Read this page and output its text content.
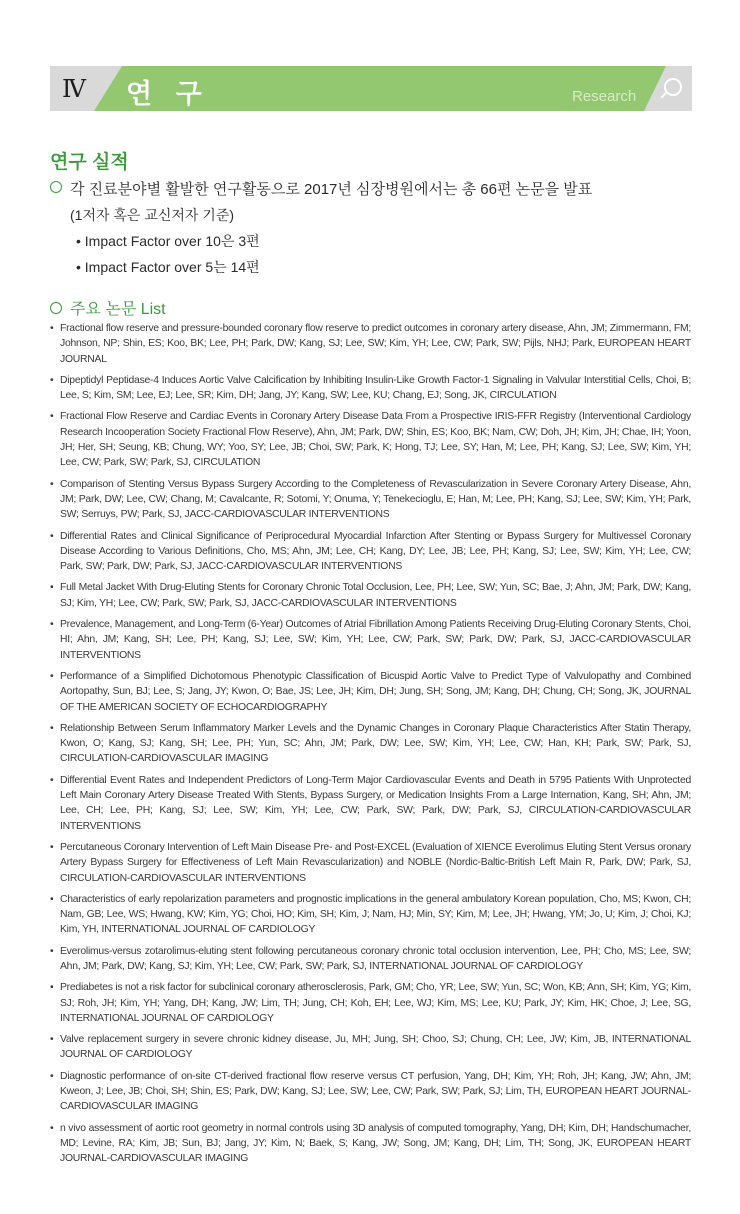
Ⅳ 연 구	Research
연구 실적

각 진료분야별 활발한 연구활동으로 2017년 심장병원에서는 총 66편 논문을 발표

(1저자 혹은 교신저자 기준)

• Impact Factor over 10은 3편

• Impact Factor over 5는 14편

주요 논문 List
• Fractional flow reserve and pressure-bounded coronary flow reserve to predict outcomes in coronary artery disease, Ahn, JM; Zimmermann, FM; Johnson, NP; Shin, ES; Koo, BK; Lee, PH; Park, DW; Kang, SJ; Lee, SW; Kim, YH; Lee, CW; Park, SW; Pijls, NHJ; Park, EUROPEAN HEART JOURNAL
• Dipeptidyl Peptidase-4 Induces Aortic Valve Calcification by Inhibiting Insulin-Like Growth Factor-1 Signaling in Valvular Interstitial Cells, Choi, B; Lee, S; Kim, SM; Lee, EJ; Lee, SR; Kim, DH; Jang, JY; Kang, SW; Lee, KU; Chang, EJ; Song, JK, CIRCULATION
• Fractional Flow Reserve and Cardiac Events in Coronary Artery Disease Data From a Prospective IRIS-FFR Registry (Interventional Cardiology Research Incooperation Society Fractional Flow Reserve), Ahn, JM; Park, DW; Shin, ES; Koo, BK; Nam, CW; Doh, JH; Kim, JH; Chae, IH; Yoon, JH; Her, SH; Seung, KB; Chung, WY; Yoo, SY; Lee, JB; Choi, SW; Park, K; Hong, TJ; Lee, SY; Han, M; Lee, PH; Kang, SJ; Lee, SW; Kim, YH; Lee, CW; Park, SW; Park, SJ, CIRCULATION
• Comparison of Stenting Versus Bypass Surgery According to the Completeness of Revascularization in Severe Coronary Artery Disease, Ahn, JM; Park, DW; Lee, CW; Chang, M; Cavalcante, R; Sotomi, Y; Onuma, Y; Tenekecioglu, E; Han, M; Lee, PH; Kang, SJ; Lee, SW; Kim, YH; Park, SW; Serruys, PW; Park, SJ, JACC-CARDIOVASCULAR INTERVENTIONS
• Differential Rates and Clinical Significance of Periprocedural Myocardial Infarction After Stenting or Bypass Surgery for Multivessel Coronary Disease According to Various Definitions, Cho, MS; Ahn, JM; Lee, CH; Kang, DY; Lee, JB; Lee, PH; Kang, SJ; Lee, SW; Kim, YH; Lee, CW; Park, SW; Park, DW; Park, SJ, JACC-CARDIOVASCULAR INTERVENTIONS
• Full Metal Jacket With Drug-Eluting Stents for Coronary Chronic Total Occlusion, Lee, PH; Lee, SW; Yun, SC; Bae, J; Ahn, JM; Park, DW; Kang, SJ; Kim, YH; Lee, CW; Park, SW; Park, SJ, JACC-CARDIOVASCULAR INTERVENTIONS
• Prevalence, Management, and Long-Term (6-Year) Outcomes of Atrial Fibrillation Among Patients Receiving Drug-Eluting Coronary Stents, Choi, HI; Ahn, JM; Kang, SH; Lee, PH; Kang, SJ; Lee, SW; Kim, YH; Lee, CW; Park, SW; Park, DW; Park, SJ, JACC-CARDIOVASCULAR INTERVENTIONS
• Performance of a Simplified Dichotomous Phenotypic Classification of Bicuspid Aortic Valve to Predict Type of Valvulopathy and Combined Aortopathy, Sun, BJ; Lee, S; Jang, JY; Kwon, O; Bae, JS; Lee, JH; Kim, DH; Jung, SH; Song, JM; Kang, DH; Chung, CH; Song, JK, JOURNAL OF THE AMERICAN SOCIETY OF ECHOCARDIOGRAPHY
• Relationship Between Serum Inflammatory Marker Levels and the Dynamic Changes in Coronary Plaque Characteristics After Statin Therapy, Kwon, O; Kang, SJ; Kang, SH; Lee, PH; Yun, SC; Ahn, JM; Park, DW; Lee, SW; Kim, YH; Lee, CW; Han, KH; Park, SW; Park, SJ, CIRCULATION-CARDIOVASCULAR IMAGING
• Differential Event Rates and Independent Predictors of Long-Term Major Cardiovascular Events and Death in 5795 Patients With Unprotected Left Main Coronary Artery Disease Treated With Stents, Bypass Surgery, or Medication Insights From a Large Internation, Kang, SH; Ahn, JM; Lee, CH; Lee, PH; Kang, SJ; Lee, SW; Kim, YH; Lee, CW; Park, SW; Park, DW; Park, SJ, CIRCULATION-CARDIOVASCULAR INTERVENTIONS
• Percutaneous Coronary Intervention of Left Main Disease Pre- and Post-EXCEL (Evaluation of XIENCE Everolimus Eluting Stent Versus oronary Artery Bypass Surgery for Effectiveness of Left Main Revascularization) and NOBLE (Nordic-Baltic-British Left Main R, Park, DW; Park, SJ, CIRCULATION-CARDIOVASCULAR INTERVENTIONS
• Characteristics of early repolarization parameters and prognostic implications in the general ambulatory Korean population, Cho, MS; Kwon, CH; Nam, GB; Lee, WS; Hwang, KW; Kim, YG; Choi, HO; Kim, SH; Kim, J; Nam, HJ; Min, SY; Kim, M; Lee, JH; Hwang, YM; Jo, U; Kim, J; Choi, KJ; Kim, YH, INTERNATIONAL JOURNAL OF CARDIOLOGY
• Everolimus-versus zotarolimus-eluting stent following percutaneous coronary chronic total occlusion intervention, Lee, PH; Cho, MS; Lee, SW; Ahn, JM; Park, DW; Kang, SJ; Kim, YH; Lee, CW; Park, SW; Park, SJ, INTERNATIONAL JOURNAL OF CARDIOLOGY
• Prediabetes is not a risk factor for subclinical coronary atherosclerosis, Park, GM; Cho, YR; Lee, SW; Yun, SC; Won, KB; Ann, SH; Kim, YG; Kim, SJ; Roh, JH; Kim, YH; Yang, DH; Kang, JW; Lim, TH; Jung, CH; Koh, EH; Lee, WJ; Kim, MS; Lee, KU; Park, JY; Kim, HK; Choe, J; Lee, SG, INTERNATIONAL JOURNAL OF CARDIOLOGY
• Valve replacement surgery in severe chronic kidney disease, Ju, MH; Jung, SH; Choo, SJ; Chung, CH; Lee, JW; Kim, JB, INTERNATIONAL JOURNAL OF CARDIOLOGY
• Diagnostic performance of on-site CT-derived fractional flow reserve versus CT perfusion, Yang, DH; Kim, YH; Roh, JH; Kang, JW; Ahn, JM; Kweon, J; Lee, JB; Choi, SH; Shin, ES; Park, DW; Kang, SJ; Lee, SW; Lee, CW; Park, SW; Park, SJ; Lim, TH, EUROPEAN HEART JOURNAL-CARDIOVASCULAR IMAGING
• n vivo assessment of aortic root geometry in normal controls using 3D analysis of computed tomography, Yang, DH; Kim, DH; Handschumacher, MD; Levine, RA; Kim, JB; Sun, BJ; Jang, JY; Kim, N; Baek, S; Kang, JW; Song, JM; Kang, DH; Lim, TH; Song, JK, EUROPEAN HEART JOURNAL-CARDIOVASCULAR IMAGING
